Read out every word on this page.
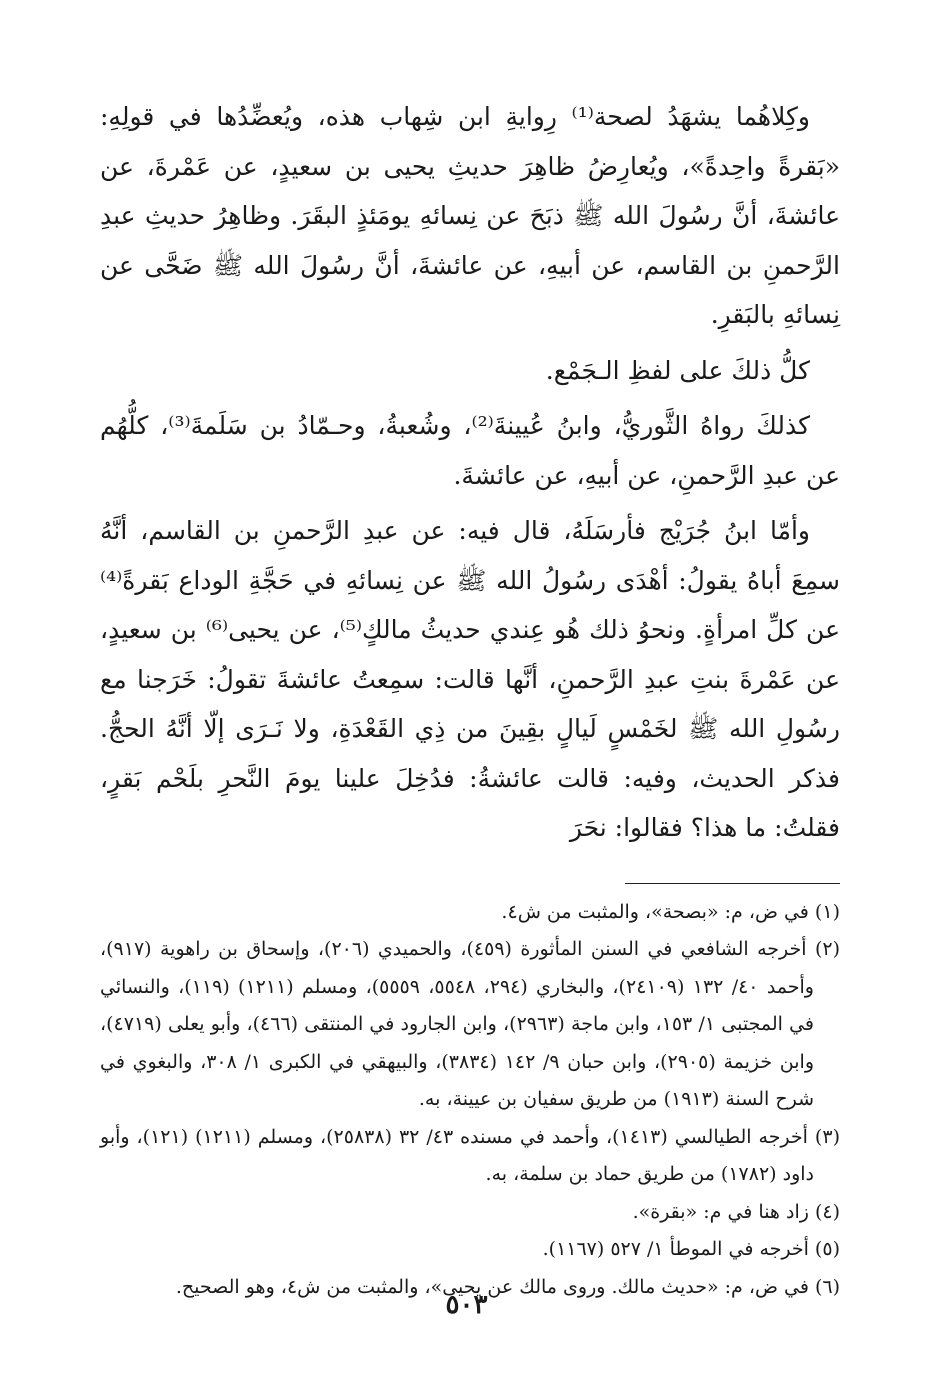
وكِلاهُما يشهَدُ لصحة⁽¹⁾ رِوايةِ ابن شِهاب هذه، ويُعضِّدُها في قولِهِ: «بَقرةً واحِدةً»، ويُعارِضُ ظاهِرَ حديثِ يحيى بن سعيدٍ، عن عَمْرةَ، عن عائشةَ، أنَّ رسُولَ الله ﷺ ذبَحَ عن نِسائهِ يومَئذٍ البقَرَ. وظاهِرُ حديثِ عبدِ الرَّحمنِ بن القاسم، عن أبيهِ، عن عائشةَ، أنَّ رسُولَ الله ﷺ ضَحَّى عن نِسائهِ بالبَقرِ.

كلُّ ذلكَ على لفظِ الـجَمْع.

كذلكَ رواهُ الثَّوريُّ، وابنُ عُيينةَ⁽²⁾، وشُعبةُ، وحـمّادُ بن سَلَمةَ⁽³⁾، كلُّهُم عن عبدِ الرَّحمنِ، عن أبيهِ، عن عائشةَ.

وأمّا ابنُ جُرَيْج فأرسَلَهُ، قال فيه: عن عبدِ الرَّحمنِ بن القاسم، أنَّهُ سمِعَ أباهُ يقولُ: أهْدَى رسُولُ الله ﷺ عن نِسائهِ في حَجَّةِ الوداع بَقرةً⁽⁴⁾ عن كلِّ امرأةٍ. ونحوُ ذلك هُو عِندي حديثُ مالكٍ⁽⁵⁾، عن يحيى⁽⁶⁾ بن سعيدٍ، عن عَمْرةَ بنتِ عبدِ الرَّحمنِ، أنَّها قالت: سمِعتُ عائشةَ تقولُ: خَرَجنا مع رسُولِ الله ﷺ لخَمْسٍ لَيالٍ بقِينَ من ذِي القَعْدَةِ، ولا نَـرَى إلّا أنَّهُ الحجُّ. فذكر الحديث، وفيه: قالت عائشةُ: فدُخِلَ علينا يومَ النَّحرِ بلَحْم بَقرٍ، فقلتُ: ما هذا؟ فقالوا: نحَرَ

(١) في ض، م: «بصحة»، والمثبت من ش٤.

(٢) أخرجه الشافعي في السنن المأثورة (٤٥٩)، والحميدي (٢٠٦)، وإسحاق بن راهوية (٩١٧)، وأحمد ٤٠/ ١٣٢ (٢٤١٠٩)، والبخاري (٢٩٤، ٥٥٤٨، ٥٥٥٩)، ومسلم (١٢١١) (١١٩)، والنسائي في المجتبى ١/ ١٥٣، وابن ماجة (٢٩٦٣)، وابن الجارود في المنتقى (٤٦٦)، وأبو يعلى (٤٧١٩)، وابن خزيمة (٢٩٠٥)، وابن حبان ٩/ ١٤٢ (٣٨٣٤)، والبيهقي في الكبرى ١/ ٣٠٨، والبغوي في شرح السنة (١٩١٣) من طريق سفيان بن عيينة، به.

(٣) أخرجه الطيالسي (١٤١٣)، وأحمد في مسنده ٤٣/ ٣٢ (٢٥٨٣٨)، ومسلم (١٢١١) (١٢١)، وأبو داود (١٧٨٢) من طريق حماد بن سلمة، به.

(٤) زاد هنا في م: «بقرة».

(٥) أخرجه في الموطأ ١/ ٥٢٧ (١١٦٧).

(٦) في ض، م: «حديث مالك. وروى مالك عن يحيى»، والمثبت من ش٤، وهو الصحيح.

٥٠٣
